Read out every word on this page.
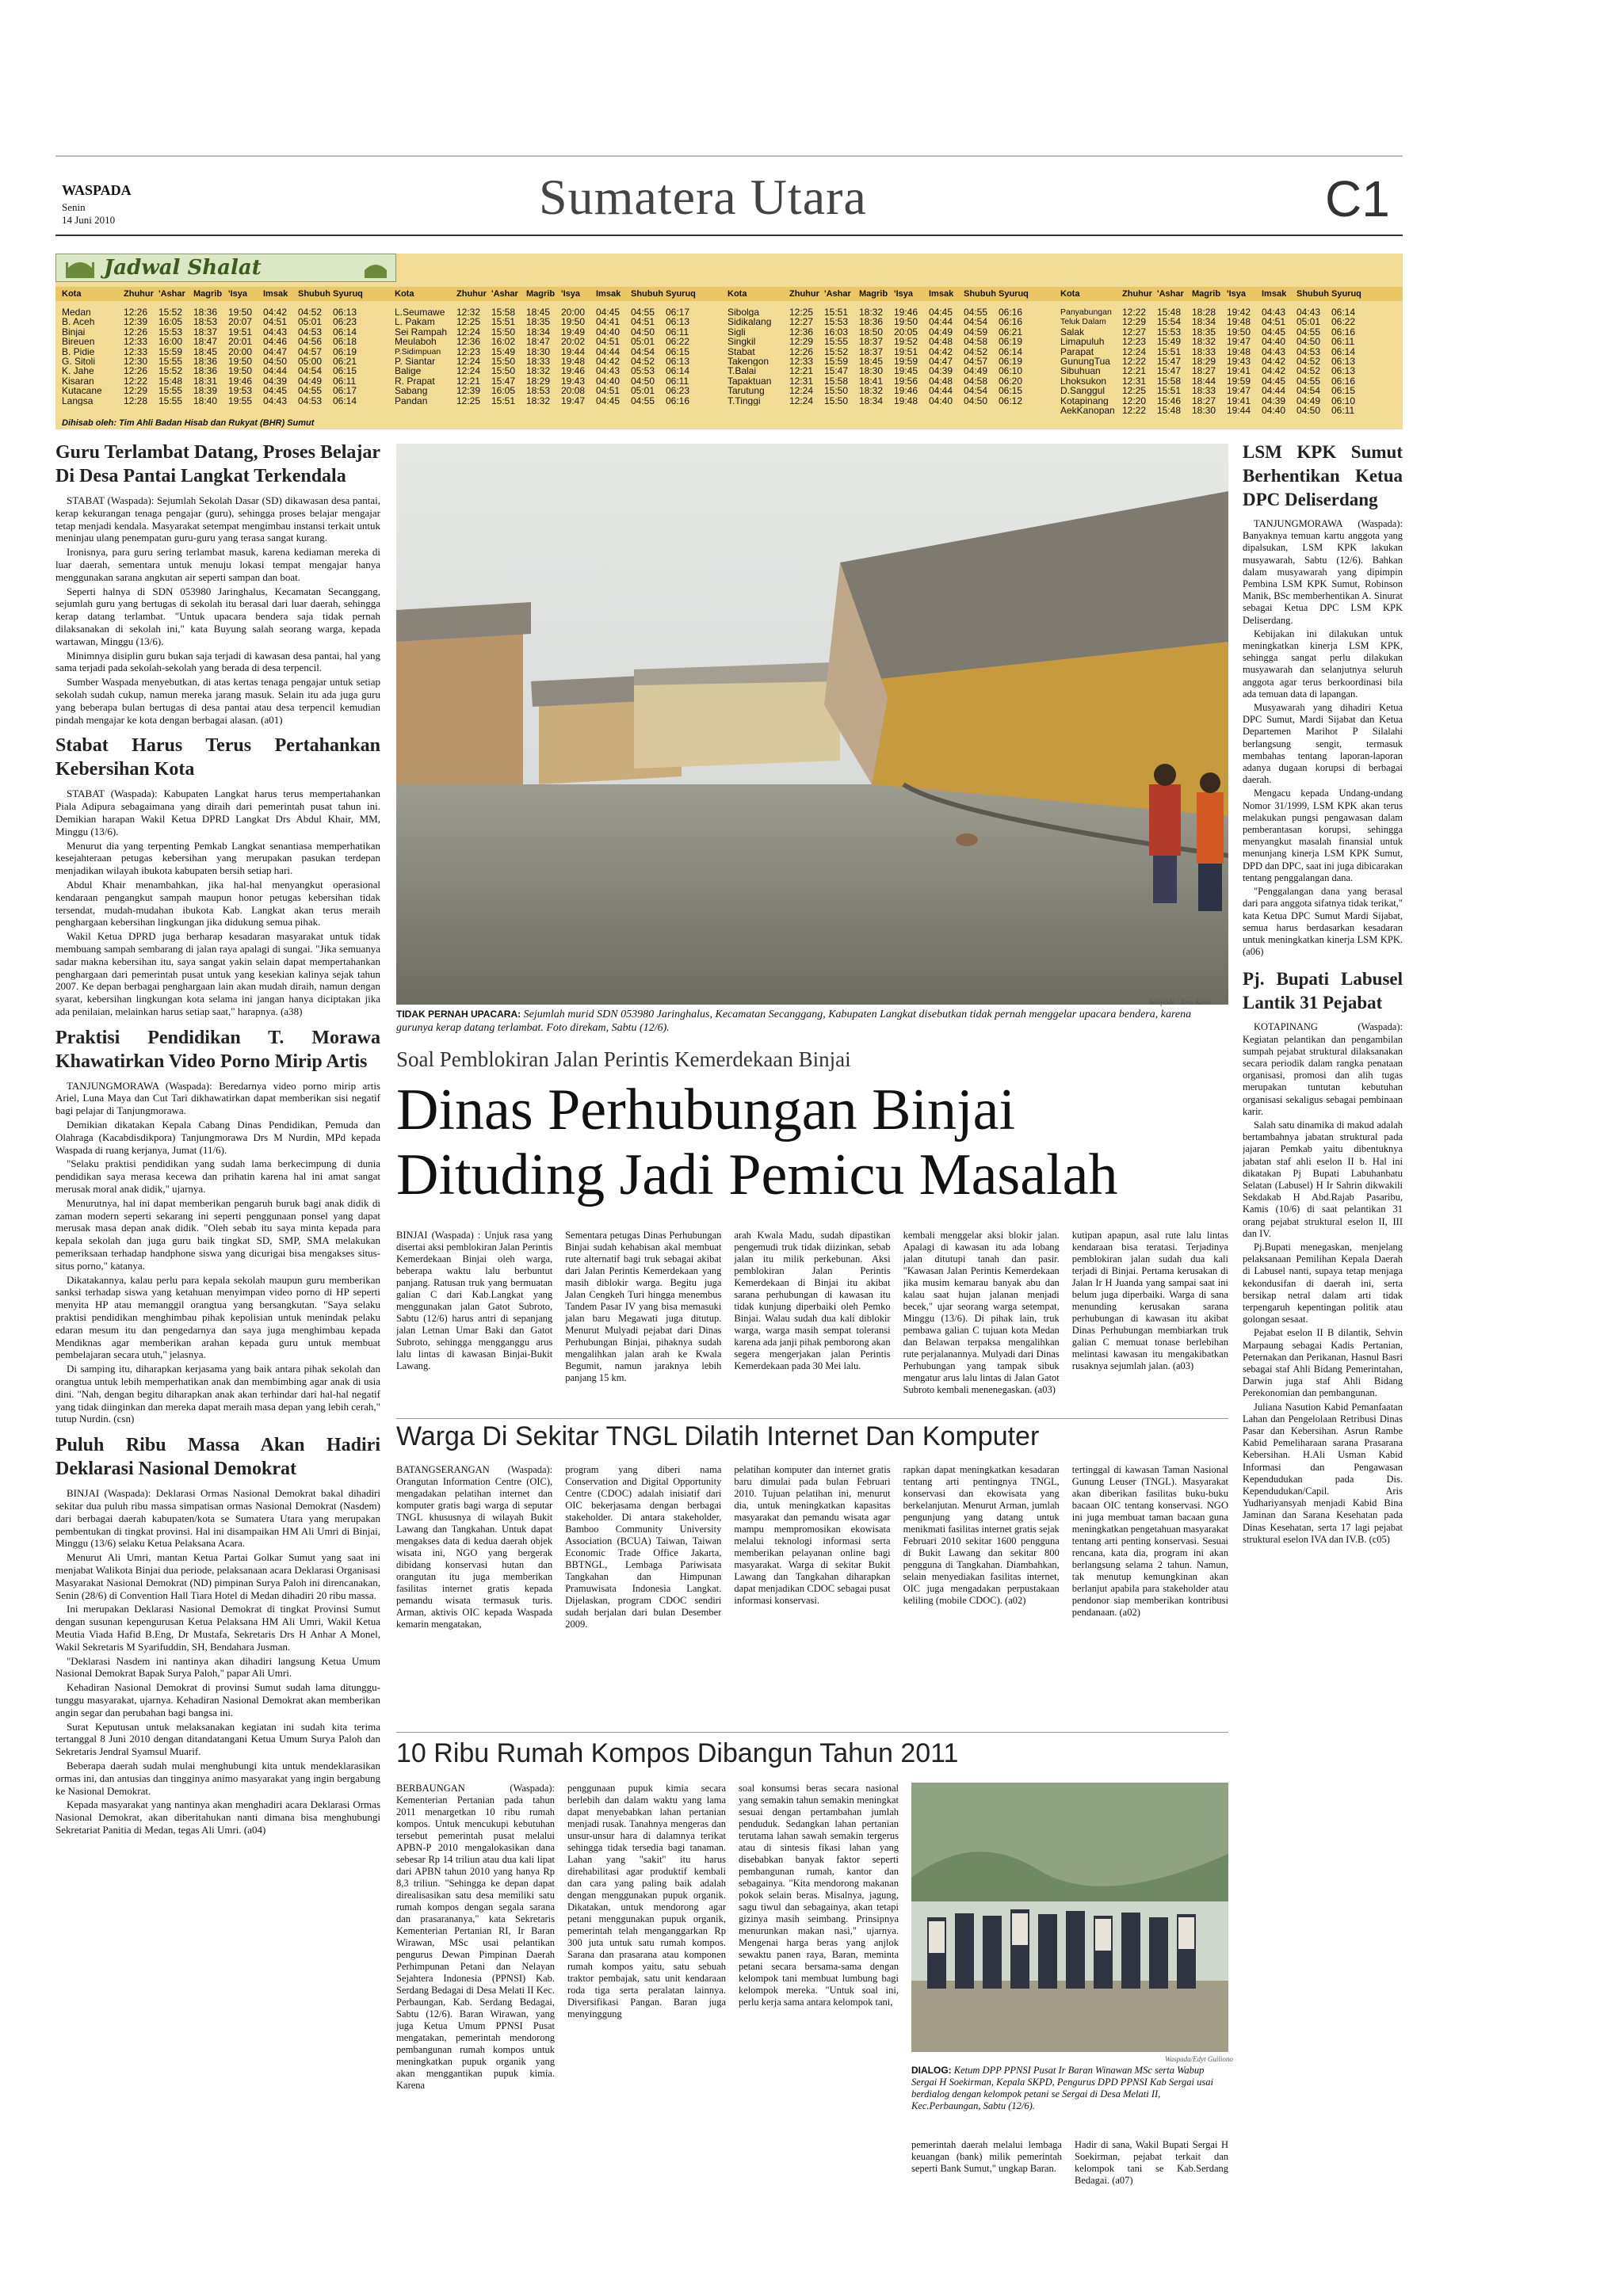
WASPADA
Senin
14 Juni 2010	Sumatera Utara	C1
Jadwal Shalat
Kota	Zhuhur 'Ashar Magrib 'Isya	Imsak	Shubuh Syuruq
Medan	12:26	15:52	18:36	19:50	04:42	04:52	06:13
B. Aceh	12:39	16:05	18:53	20:07	04:51	05:01	06:23
Binjai	12:26	15:53	18:37	19:51	04:43	04:53	06:14
Bireuen	12:33	16:00	18:47	20:01	04:46	04:56	06:18
B. Pidie	12:33	15:59	18:45	20:00	04:47	04:57	06:19
G. Sitoli	12:30	15:55	18:36	19:50	04:50	05:00	06:21
K. Jahe	12:26	15:52	18:36	19:50	04:44	04:54	06:15
Kisaran	12:22	15:48	18:31	19:46	04:39	04:49	06:11
Kutacane	12:29	15:55	18:39	19:53	04:45	04:55	06:17
Langsa	12:28	15:55	18:40	19:55	04:43	04:53	06:14
Kota	Zhuhur 'Ashar Magrib 'Isya	Imsak	Shubuh Syuruq
L.Seumawe	12:32	15:58	18:45	20:00	04:45	04:55	06:17
L. Pakam	12:25	15:51	18:35	19:50	04:41	04:51	06:13
Sei Rampah 12:24	15:50	18:34	19:49	04:40	04:50	06:11
Meulaboh	12:36	16:02	18:47	20:02	04:51	05:01	06:22
P.Sidimpuan	12:23	15:49	18:30	19:44	04:44	04:54	06:15
P. Siantar	12:24	15:50	18:33	19:48	04:42	04:52	06:13
Balige	12:24	15:50	18:32	19:46	04:43	05:53	06:14
R. Prapat	12:21	15:47	18:29	19:43	04:40	04:50	06:11
Sabang	12:39	16:05	18:53	20:08	04:51	05:01	06:23
Pandan	12:25	15:51	18:32	19:47	04:45	04:55	06:16
Kota	Zhuhur 'Ashar Magrib 'Isya	Imsak	Shubuh Syuruq
Sibolga	12:25	15:51	18:32	19:46	04:45	04:55	06:16
Sidikalang	12:27	15:53	18:36	19:50	04:44	04:54	06:16
Sigli	12:36	16:03	18:50	20:05	04:49	04:59	06:21
Singkil	12:29	15:55	18:37	19:52	04:48	04:58	06:19
Stabat	12:26	15:52	18:37	19:51	04:42	04:52	06:14
Takengon	12:33	15:59	18:45	19:59	04:47	04:57	06:19
T.Balai	12:21	15:47	18:30	19:45	04:39	04:49	06:10
Tapaktuan	12:31	15:58	18:41	19:56	04:48	04:58	06:20
Tarutung	12:24	15:50	18:32	19:46	04:44	04:54	06:15
T.Tinggi	12:24	15:50	18:34	19:48	04:40	04:50	06:12
Kota	Zhuhur 'Ashar Magrib 'Isya	Imsak	Shubuh Syuruq
Panyabungan	12:22	15:48	18:28	19:42	04:43	04:43	06:14
Teluk Dalam	12:29	15:54	18:34	19:48	04:51	05:01	06:22
Salak	12:27	15:53	18:35	19:50	04:45	04:55	06:16
Limapuluh	12:23	15:49	18:32	19:47	04:40	04:50	06:11
Parapat	12:24	15:51	18:33	19:48	04:43	04:53	06:14
GunungTua	12:22	15:47	18:29	19:43	04:42	04:52	06:13
Sibuhuan	12:21	15:47	18:27	19:41	04:42	04:52	06:13
Lhoksukon	12:31	15:58	18:44	19:59	04:45	04:55	06:16
D.Sanggul	12:25	15:51	18:33	19:47	04:44	04:54	06:15
Kotapinang	12:20	15:46	18:27	19:41	04:39	04:49	06:10
AekKanopan 12:22	15:48	18:30	19:44	04:40	04:50	06:11
Dihisab oleh: Tim Ahli Badan Hisab dan Rukyat (BHR) Sumut
Guru Terlambat Datang, Proses Belajar Di Desa Pantai Langkat Terkendala

STABAT (Waspada): Sejumlah Sekolah Dasar (SD) dikawasan desa pantai, kerap kekurangan tenaga pengajar (guru), sehingga proses belajar mengajar tetap menjadi kendala. Masyarakat setempat mengimbau instansi terkait untuk meninjau ulang penempatan guru-guru yang terasa sangat kurang.

Ironisnya, para guru sering terlambat masuk, karena kediaman mereka di luar daerah, sementara untuk menuju lokasi tempat mengajar hanya menggunakan sarana angkutan air seperti sampan dan boat.

Seperti halnya di SDN 053980 Jaringhalus, Kecamatan Secanggang, sejumlah guru yang bertugas di sekolah itu berasal dari luar daerah, sehingga kerap datang terlambat. "Untuk upacara bendera saja tidak pernah dilaksanakan di sekolah ini," kata Buyung salah seorang warga, kepada wartawan, Minggu (13/6).

Minimnya disiplin guru bukan saja terjadi di kawasan desa pantai, hal yang sama terjadi pada sekolah-sekolah yang berada di desa terpencil.

Sumber Waspada menyebutkan, di atas kertas tenaga pengajar untuk setiap sekolah sudah cukup, namun mereka jarang masuk. Selain itu ada juga guru yang beberapa bulan bertugas di desa pantai atau desa terpencil kemudian pindah mengajar ke kota dengan berbagai alasan. (a01)

Stabat Harus Terus Pertahankan Kebersihan Kota

STABAT (Waspada): Kabupaten Langkat harus terus mempertahankan Piala Adipura sebagaimana yang diraih dari pemerintah pusat tahun ini. Demikian harapan Wakil Ketua DPRD Langkat Drs Abdul Khair, MM, Minggu (13/6).

Menurut dia yang terpenting Pemkab Langkat senantiasa memperhatikan kesejahteraan petugas kebersihan yang merupakan pasukan terdepan menjadikan wilayah ibukota kabupaten bersih setiap hari.

Abdul Khair menambahkan, jika hal-hal menyangkut operasional kendaraan pengangkut sampah maupun honor petugas kebersihan tidak tersendat, mudah-mudahan ibukota Kab. Langkat akan terus meraih penghargaan kebersihan lingkungan jika didukung semua pihak.

Wakil Ketua DPRD juga berharap kesadaran masyarakat untuk tidak membuang sampah sembarang di jalan raya apalagi di sungai. "Jika semuanya sadar makna kebersihan itu, saya sangat yakin selain dapat mempertahankan penghargaan dari pemerintah pusat untuk yang kesekian kalinya sejak tahun 2007. Ke depan berbagai penghargaan lain akan mudah diraih, namun dengan syarat, kebersihan lingkungan kota selama ini jangan hanya diciptakan jika ada penilaian, melainkan harus setiap saat," harapnya. (a38)

Praktisi Pendidikan T. Morawa Khawatirkan Video Porno Mirip Artis

TANJUNGMORAWA (Waspada): Beredarnya video porno mirip artis Ariel, Luna Maya dan Cut Tari dikhawatirkan dapat memberikan sisi negatif bagi pelajar di Tanjungmorawa.

Demikian dikatakan Kepala Cabang Dinas Pendidikan, Pemuda dan Olahraga (Kacabdisdikpora) Tanjungmorawa Drs M Nurdin, MPd kepada Waspada di ruang kerjanya, Jumat (11/6).

"Selaku praktisi pendidikan yang sudah lama berkecimpung di dunia pendidikan saya merasa kecewa dan prihatin karena hal ini amat sangat merusak moral anak didik," ujarnya.

Menurutnya, hal ini dapat memberikan pengaruh buruk bagi anak didik di zaman modern seperti sekarang ini seperti penggunaan ponsel yang dapat merusak masa depan anak didik. "Oleh sebab itu saya minta kepada para kepala sekolah dan juga guru baik tingkat SD, SMP, SMA melakukan pemeriksaan terhadap handphone siswa yang dicurigai bisa mengakses situs-situs porno," katanya.

Dikatakannya, kalau perlu para kepala sekolah maupun guru memberikan sanksi terhadap siswa yang ketahuan menyimpan video porno di HP seperti menyita HP atau memanggil orangtua yang bersangkutan. "Saya selaku praktisi pendidikan menghimbau pihak kepolisian untuk menindak pelaku edaran mesum itu dan pengedarnya dan saya juga menghimbau kepada Mendiknas agar memberikan arahan kepada guru untuk membuat pembelajaran secara utuh," jelasnya.

Di samping itu, diharapkan kerjasama yang baik antara pihak sekolah dan orangtua untuk lebih memperhatikan anak dan membimbing agar anak di usia dini. "Nah, dengan begitu diharapkan anak akan terhindar dari hal-hal negatif yang tidak diinginkan dan mereka dapat meraih masa depan yang lebih cerah," tutup Nurdin. (csn)

Puluh Ribu Massa Akan Hadiri Deklarasi Nasional Demokrat

BINJAI (Waspada): Deklarasi Ormas Nasional Demokrat bakal dihadiri sekitar dua puluh ribu massa simpatisan ormas Nasional Demokrat (Nasdem) dari berbagai daerah kabupaten/kota se Sumatera Utara yang merupakan pembentukan di tingkat provinsi. Hal ini disampaikan HM Ali Umri di Binjai, Minggu (13/6) selaku Ketua Pelaksana Acara.

Menurut Ali Umri, mantan Ketua Partai Golkar Sumut yang saat ini menjabat Walikota Binjai dua periode, pelaksanaan acara Deklarasi Organisasi Masyarakat Nasional Demokrat (ND) pimpinan Surya Paloh ini direncanakan, Senin (28/6) di Convention Hall Tiara Hotel di Medan dihadiri 20 ribu massa.

Ini merupakan Deklarasi Nasional Demokrat di tingkat Provinsi Sumut dengan susunan kepengurusan Ketua Pelaksana HM Ali Umri, Wakil Ketua Meutia Viada Hafid B.Eng, Dr Mustafa, Sekretaris Drs H Anhar A Monel, Wakil Sekretaris M Syarifuddin, SH, Bendahara Jusman.

"Deklarasi Nasdem ini nantinya akan dihadiri langsung Ketua Umum Nasional Demokrat Bapak Surya Paloh," papar Ali Umri.

Kehadiran Nasional Demokrat di provinsi Sumut sudah lama ditunggu-tunggu masyarakat, ujarnya. Kehadiran Nasional Demokrat akan memberikan angin segar dan perubahan bagi bangsa ini.

Surat Keputusan untuk melaksanakan kegiatan ini sudah kita terima tertanggal 8 Juni 2010 dengan ditandatangani Ketua Umum Surya Paloh dan Sekretaris Jendral Syamsul Muarif.

Beberapa daerah sudah mulai menghubungi kita untuk mendeklarasikan ormas ini, dan antusias dan tingginya animo masyarakat yang ingin bergabung ke Nasional Demokrat.

Kepada masyarakat yang nantinya akan menghadiri acara Deklarasi Ormas Nasional Demokrat, akan diberitahukan nanti dimana bisa menghubungi Sekretariat Panitia di Medan, tegas Ali Umri. (a04)

Waspada / Ilmu Kasir
TIDAK PERNAH UPACARA: Sejumlah murid SDN 053980 Jaringhalus, Kecamatan Secanggang, Kabupaten Langkat disebutkan tidak pernah menggelar upacara bendera, karena gurunya kerap datang terlambat. Foto direkam, Sabtu (12/6).
Soal Pemblokiran Jalan Perintis Kemerdekaan Binjai
Dinas Perhubungan Binjai
Dituding Jadi Pemicu Masalah
BINJAI (Waspada) : Unjuk rasa yang disertai aksi pemblokiran Jalan Perintis Kemerdekaan Binjai oleh warga, beberapa waktu lalu berbuntut panjang. Ratusan truk yang bermuatan galian C dari Kab.Langkat yang menggunakan jalan Gatot Subroto, Sabtu (12/6) harus antri di sepanjang jalan Letnan Umar Baki dan Gatot Subroto, sehingga mengganggu arus lalu lintas di kawasan Binjai-Bukit Lawang.
Sementara petugas Dinas Perhubungan Binjai sudah kehabisan akal membuat rute alternatif bagi truk sebagai akibat dari Jalan Perintis Kemerdekaan yang masih diblokir warga. Begitu juga Jalan Cengkeh Turi hingga menembus Tandem Pasar IV yang bisa memasuki jalan baru Megawati juga ditutup. Menurut Mulyadi pejabat dari Dinas Perhubungan Binjai, pihaknya sudah mengalihkan jalan arah ke Kwala Begumit, namun jaraknya lebih panjang 15 km.
arah Kwala Madu, sudah dipastikan pengemudi truk tidak diizinkan, sebab jalan itu milik perkebunan. Aksi pemblokiran Jalan Perintis Kemerdekaan di Binjai itu akibat sarana perhubungan di kawasan itu tidak kunjung diperbaiki oleh Pemko Binjai. Walau sudah dua kali diblokir warga, warga masih sempat toleransi karena ada janji pihak pemborong akan segera mengerjakan jalan Perintis Kemerdekaan pada 30 Mei lalu.
kembali menggelar aksi blokir jalan. Apalagi di kawasan itu ada lobang jalan ditutupi tanah dan pasir. "Kawasan Jalan Perintis Kemerdekaan jika musim kemarau banyak abu dan kalau saat hujan jalanan menjadi becek," ujar seorang warga setempat, Minggu (13/6). Di pihak lain, truk pembawa galian C tujuan kota Medan dan Belawan terpaksa mengalihkan rute perjalanannya. Mulyadi dari Dinas Perhubungan yang tampak sibuk mengatur arus lalu lintas di Jalan Gatot Subroto kembali menenegaskan. (a03)
kutipan apapun, asal rute lalu lintas kendaraan bisa teratasi. Terjadinya pemblokiran jalan sudah dua kali terjadi di Binjai. Pertama kerusakan di Jalan Ir H Juanda yang sampai saat ini belum juga diperbaiki. Warga di sana menunding kerusakan sarana perhubungan di kawasan itu akibat Dinas Perhubungan membiarkan truk galian C memuat tonase berlebihan melintasi kawasan itu mengakibatkan rusaknya sejumlah jalan. (a03)
Warga Di Sekitar TNGL Dilatih Internet Dan Komputer
BATANGSERANGAN (Waspada): Orangutan Information Centre (OIC), mengadakan pelatihan internet dan komputer gratis bagi warga di seputar TNGL khususnya di wilayah Bukit Lawang dan Tangkahan. Untuk dapat mengakses data di kedua daerah objek wisata ini, NGO yang bergerak dibidang konservasi hutan dan orangutan itu juga memberikan fasilitas internet gratis kepada pemandu wisata termasuk turis. Arman, aktivis OIC kepada Waspada kemarin mengatakan,
program yang diberi nama Conservation and Digital Opportunity Centre (CDOC) adalah inisiatif dari OIC bekerjasama dengan berbagai stakeholder. Di antara stakeholder, Bamboo Community University Association (BCUA) Taiwan, Taiwan Economic Trade Office Jakarta, BBTNGL, Lembaga Pariwisata Tangkahan dan Himpunan Pramuwisata Indonesia Langkat. Dijelaskan, program CDOC sendiri sudah berjalan dari bulan Desember 2009.
pelatihan komputer dan internet gratis baru dimulai pada bulan Februari 2010. Tujuan pelatihan ini, menurut dia, untuk meningkatkan kapasitas masyarakat dan pemandu wisata agar mampu mempromosikan ekowisata melalui teknologi informasi serta memberikan pelayanan online bagi masyarakat. Warga di sekitar Bukit Lawang dan Tangkahan diharapkan dapat menjadikan CDOC sebagai pusat informasi konservasi.
rapkan dapat meningkatkan kesadaran tentang arti pentingnya TNGL, konservasi dan ekowisata yang berkelanjutan. Menurut Arman, jumlah pengunjung yang datang untuk menikmati fasilitas internet gratis sejak Februari 2010 sekitar 1600 pengguna di Bukit Lawang dan sekitar 800 pengguna di Tangkahan. Diambahkan, selain menyediakan fasilitas internet, OIC juga mengadakan perpustakaan keliling (mobile CDOC). (a02)
tertinggal di kawasan Taman Nasional Gunung Leuser (TNGL). Masyarakat akan diberikan fasilitas buku-buku bacaan OIC tentang konservasi. NGO ini juga membuat taman bacaan guna meningkatkan pengetahuan masyarakat tentang arti penting konservasi. Sesuai rencana, kata dia, program ini akan berlangsung selama 2 tahun. Namun, tak menutup kemungkinan akan berlanjut apabila para stakeholder atau pendonor siap memberikan kontribusi pendanaan. (a02)
10 Ribu Rumah Kompos Dibangun Tahun 2011
BERBAUNGAN (Waspada): Kementerian Pertanian pada tahun 2011 menargetkan 10 ribu rumah kompos. Untuk mencukupi kebutuhan tersebut pemerintah pusat melalui APBN-P 2010 mengalokasikan dana sebesar Rp 14 triliun atau dua kali lipat dari APBN tahun 2010 yang hanya Rp 8,3 triliun. "Sehingga ke depan dapat direalisasikan satu desa memiliki satu rumah kompos dengan segala sarana dan prasarananya," kata Sekretaris Kementerian Pertanian RI, Ir Baran Wirawan, MSc usai pelantikan pengurus Dewan Pimpinan Daerah Perhimpunan Petani dan Nelayan Sejahtera Indonesia (PPNSI) Kab. Serdang Bedagai di Desa Melati II Kec. Perbaungan, Kab. Serdang Bedagai, Sabtu (12/6). Baran Wirawan, yang juga Ketua Umum PPNSI Pusat mengatakan, pemerintah mendorong pembangunan rumah kompos untuk meningkatkan pupuk organik yang akan menggantikan pupuk kimia. Karena
penggunaan pupuk kimia secara berlebih dan dalam waktu yang lama dapat menyebabkan lahan pertanian menjadi rusak. Tanahnya mengeras dan unsur-unsur hara di dalamnya terikat sehingga tidak tersedia bagi tanaman. Lahan yang "sakit" itu harus direhabilitasi agar produktif kembali dan cara yang paling baik adalah dengan menggunakan pupuk organik. Dikatakan, untuk mendorong agar petani menggunakan pupuk organik, pemerintah telah menganggarkan Rp 300 juta untuk satu rumah kompos. Sarana dan prasarana atau komponen rumah kompos yaitu, satu sebuah traktor pembajak, satu unit kendaraan roda tiga serta peralatan lainnya. Diversifikasi Pangan. Baran juga menyinggung
soal konsumsi beras secara nasional yang semakin tahun semakin meningkat sesuai dengan pertambahan jumlah penduduk. Sedangkan lahan pertanian terutama lahan sawah semakin tergerus atau di sintesis fikasi lahan yang disebabkan banyak faktor seperti pembangunan rumah, kantor dan sebagainya. "Kita mendorong makanan pokok selain beras. Misalnya, jagung, sagu tiwul dan sebagainya, akan tetapi gizinya masih seimbang. Prinsipnya menurunkan makan nasi," ujarnya. Mengenai harga beras yang anjlok sewaktu panen raya, Baran, meminta petani secara bersama-sama dengan kelompok tani membuat lumbung bagi kelompok mereka. "Untuk soal ini, perlu kerja sama antara kelompok tani,
pemerintah daerah melalui lembaga keuangan (bank) milik pemerintah seperti Bank Sumut," ungkap Baran.
Hadir di sana, Wakil Bupati Sergai H Soekirman, pejabat terkait dan kelompok tani se Kab.Serdang Bedagai. (a07)
Waspada/Edyt Guiliono
DIALOG: Ketum DPP PPNSI Pusat Ir Baran Winawan MSc serta Wabup Sergai H Soekirman, Kepala SKPD, Pengurus DPD PPNSI Kab Sergai usai berdialog dengan kelompok petani se Sergai di Desa Melati II, Kec.Perbaungan, Sabtu (12/6).
LSM KPK Sumut Berhentikan Ketua DPC Deliserdang

TANJUNGMORAWA (Waspada): Banyaknya temuan kartu anggota yang dipalsukan, LSM KPK lakukan musyawarah, Sabtu (12/6). Bahkan dalam musyawarah yang dipimpin Pembina LSM KPK Sumut, Robinson Manik, BSc memberhentikan A. Sinurat sebagai Ketua DPC LSM KPK Deliserdang.

Kebijakan ini dilakukan untuk meningkatkan kinerja LSM KPK, sehingga sangat perlu dilakukan musyawarah dan selanjutnya seluruh anggota agar terus berkoordinasi bila ada temuan data di lapangan.

Musyawarah yang dihadiri Ketua DPC Sumut, Mardi Sijabat dan Ketua Departemen Marihot P Silalahi berlangsung sengit, termasuk membahas tentang laporan-laporan adanya dugaan korupsi di berbagai daerah.

Mengacu kepada Undang-undang Nomor 31/1999, LSM KPK akan terus melakukan pungsi pengawasan dalam pemberantasan korupsi, sehingga menyangkut masalah finansial untuk menunjang kinerja LSM KPK Sumut, DPD dan DPC, saat ini juga dibicarakan tentang penggalangan dana.

"Penggalangan dana yang berasal dari para anggota sifatnya tidak terikat," kata Ketua DPC Sumut Mardi Sijabat, semua harus berdasarkan kesadaran untuk meningkatkan kinerja LSM KPK. (a06)

Pj. Bupati Labusel Lantik 31 Pejabat

KOTAPINANG (Waspada): Kegiatan pelantikan dan pengambilan sumpah pejabat struktural dilaksanakan secara periodik dalam rangka penataan organisasi, promosi dan alih tugas merupakan tuntutan kebutuhan organisasi sekaligus sebagai pembinaan karir.

Salah satu dinamika di makud adalah bertambahnya jabatan struktural pada jajaran Pemkab yaitu dibentuknya jabatan staf ahli eselon II b. Hal ini dikatakan Pj Bupati Labuhanbatu Selatan (Labusel) H Ir Sahrin dikwakili Sekdakab H Abd.Rajab Pasaribu, Kamis (10/6) di saat pelantikan 31 orang pejabat struktural eselon II, III dan IV.

Pj.Bupati menegaskan, menjelang pelaksanaan Pemilihan Kepala Daerah di Labusel nanti, supaya tetap menjaga kekondusifan di daerah ini, serta bersikap netral dalam arti tidak terpengaruh kepentingan politik atau golongan sesaat.

Pejabat eselon II B dilantik, Sehvin Marpaung sebagai Kadis Pertanian, Peternakan dan Perikanan, Hasnul Basri sebagai staf Ahli Bidang Pemerintahan, Darwin juga staf Ahli Bidang Perekonomian dan pembangunan.

Juliana Nasution Kabid Pemanfaatan Lahan dan Pengelolaan Retribusi Dinas Pasar dan Kebersihan. Asrun Rambe Kabid Pemeliharaan sarana Prasarana Kebersihan. H.Ali Usman Kabid Informasi dan Pengawasan Kependudukan pada Dis. Kependudukan/Capil. Aris Yudhariyansyah menjadi Kabid Bina Jaminan dan Sarana Kesehatan pada Dinas Kesehatan, serta 17 lagi pejabat struktural eselon IVA dan IV.B. (c05)
